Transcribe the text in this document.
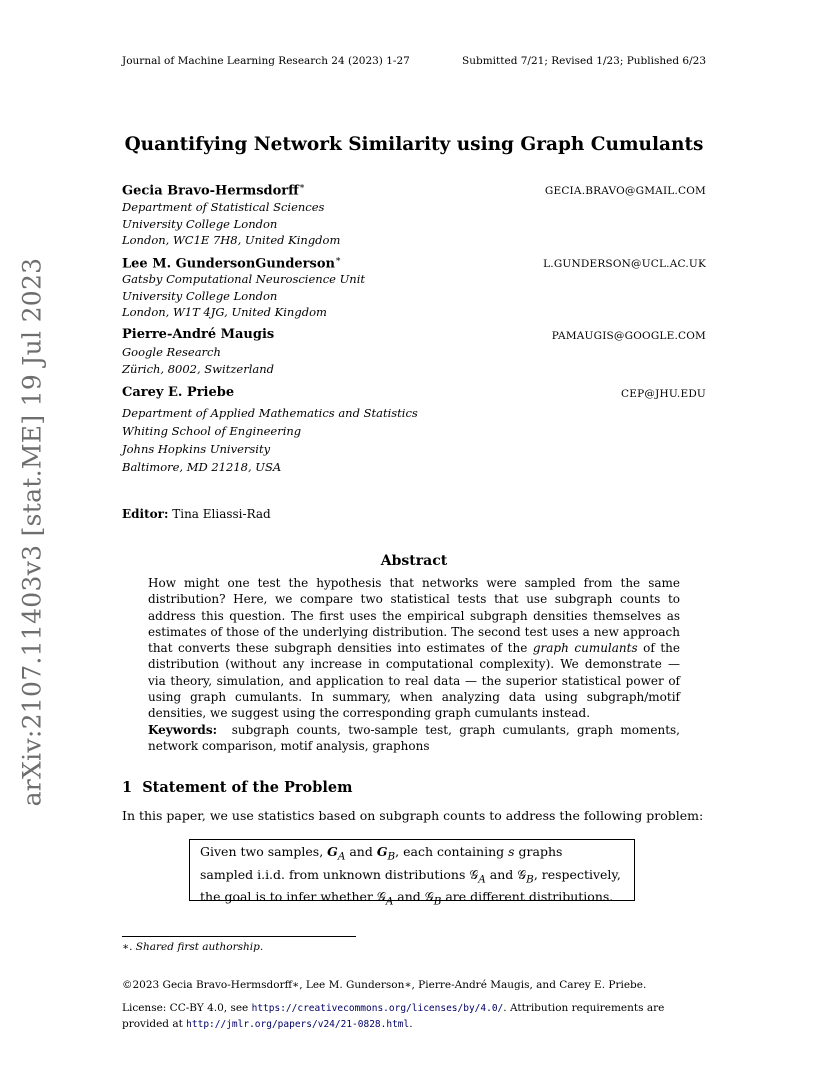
arXiv:2107.11403v3 [stat.ME] 19 Jul 2023
Journal of Machine Learning Research 24 (2023) 1-27	Submitted 7/21; Revised 1/23; Published 6/23
Quantifying Network Similarity using Graph Cumulants
Gecia Bravo-Hermsdorff∗	GECIA.BRAVO@GMAIL.COM
Department of Statistical Sciences
University College London
London, WC1E 7H8, United Kingdom
Lee M. GundersonGunderson∗	L.GUNDERSON@UCL.AC.UK
Gatsby Computational Neuroscience Unit
University College London
London, W1T 4JG, United Kingdom
Pierre-André Maugis	PAMAUGIS@GOOGLE.COM
Google Research
Zürich, 8002, Switzerland
Carey E. Priebe	CEP@JHU.EDU
Department of Applied Mathematics and Statistics
Whiting School of Engineering
Johns Hopkins University
Baltimore, MD 21218, USA
Editor: Tina Eliassi-Rad
Abstract
How might one test the hypothesis that networks were sampled from the same distribution? Here, we compare two statistical tests that use subgraph counts to address this question. The first uses the empirical subgraph densities themselves as estimates of those of the underlying distribution. The second test uses a new approach that converts these subgraph densities into estimates of the graph cumulants of the distribution (without any increase in computational complexity). We demonstrate — via theory, simulation, and application to real data — the superior statistical power of using graph cumulants. In summary, when analyzing data using subgraph/motif densities, we suggest using the corresponding graph cumulants instead.
Keywords: subgraph counts, two-sample test, graph cumulants, graph moments, network comparison, motif analysis, graphons
1 Statement of the Problem
In this paper, we use statistics based on subgraph counts to address the following problem:
Given two samples, $G_A$ and $G_B$, each containing s graphs
sampled i.i.d. from unknown distributions 𝒢$_A$ and 𝒢$_B$, respectively,
the goal is to infer whether 𝒢$_A$ and 𝒢$_B$ are different distributions.
∗. Shared first authorship.
©2023 Gecia Bravo-Hermsdorff∗, Lee M. Gunderson∗, Pierre-André Maugis, and Carey E. Priebe.
License: CC-BY 4.0, see https://creativecommons.org/licenses/by/4.0/. Attribution requirements are provided at http://jmlr.org/papers/v24/21-0828.html.
